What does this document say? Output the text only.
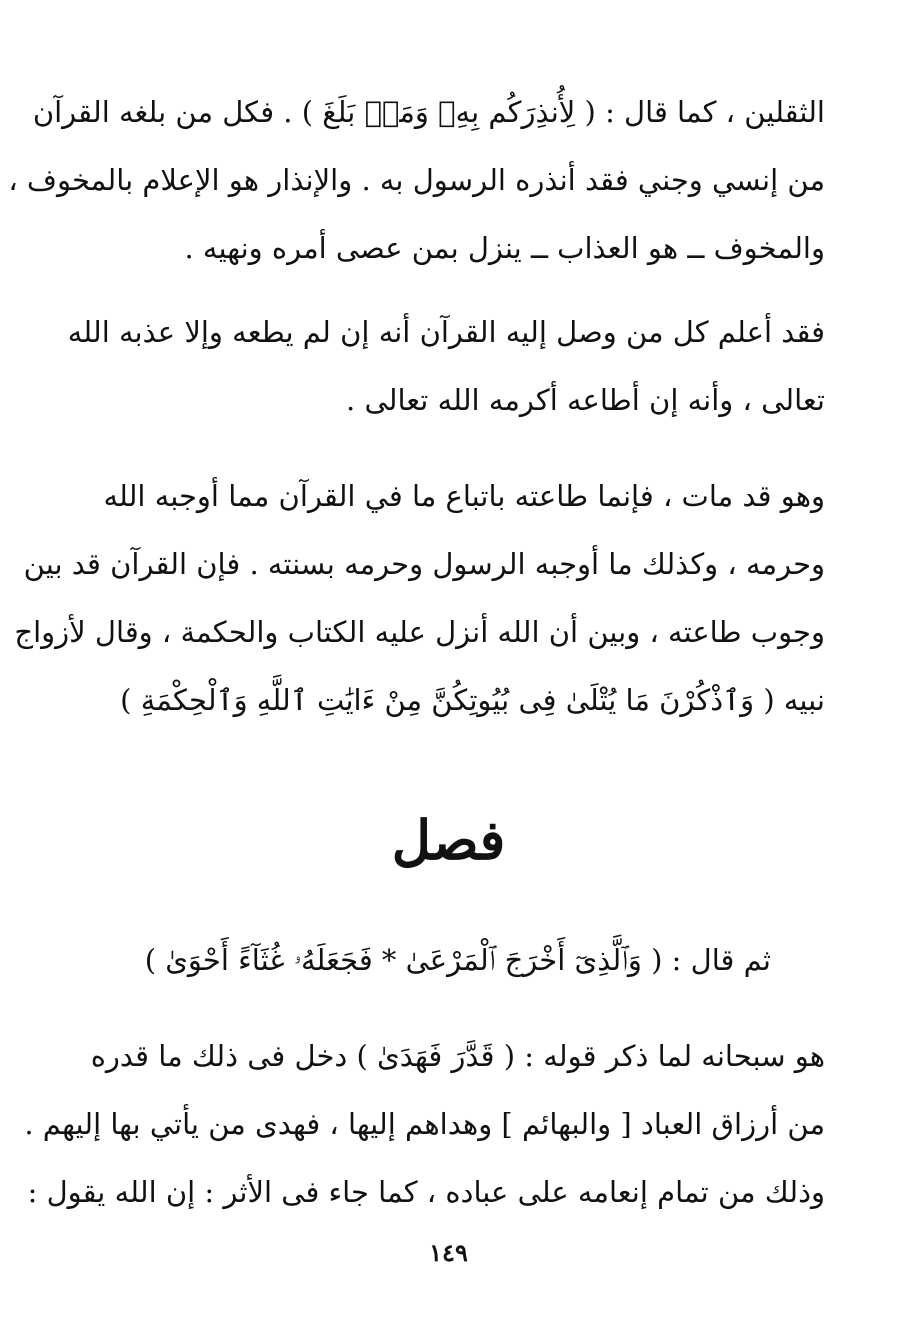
الثقلين ، كما قال : ( لِأُنذِرَكُم بِهِۦ وَمَنۢ بَلَغَ ) . فكل من بلغه القرآن
من إنسي وجني فقد أنذره الرسول به . والإنذار هو الإعلام بالمخوف ،
والمخوف ــ هو العذاب ــ ينزل بمن عصى أمره ونهيه .
فقد أعلم كل من وصل إليه القرآن أنه إن لم يطعه وإلا عذبه الله
تعالى ، وأنه إن أطاعه أكرمه الله تعالى .
وهو قد مات ، فإنما طاعته باتباع ما في القرآن مما أوجبه الله
وحرمه ، وكذلك ما أوجبه الرسول وحرمه بسنته . فإن القرآن قد بين
وجوب طاعته ، وبين أن الله أنزل عليه الكتاب والحكمة ، وقال لأزواج
نبيه ( وَٱذْكُرْنَ مَا يُتْلَىٰ فِى بُيُوتِكُنَّ مِنْ ءَايَٰتِ ٱللَّهِ وَٱلْحِكْمَةِ )
فصل
ثم قال : ( وَٱلَّذِىٓ أَخْرَجَ ٱلْمَرْعَىٰ * فَجَعَلَهُۥ غُثَآءً أَحْوَىٰ )
هو سبحانه لما ذكر قوله : ( قَدَّرَ فَهَدَىٰ ) دخل فى ذلك ما قدره
من أرزاق العباد [ والبهائم ] وهداهم إليها ، فهدى من يأتي بها إليهم .
وذلك من تمام إنعامه على عباده ، كما جاء فى الأثر : إن الله يقول :
١٤٩
